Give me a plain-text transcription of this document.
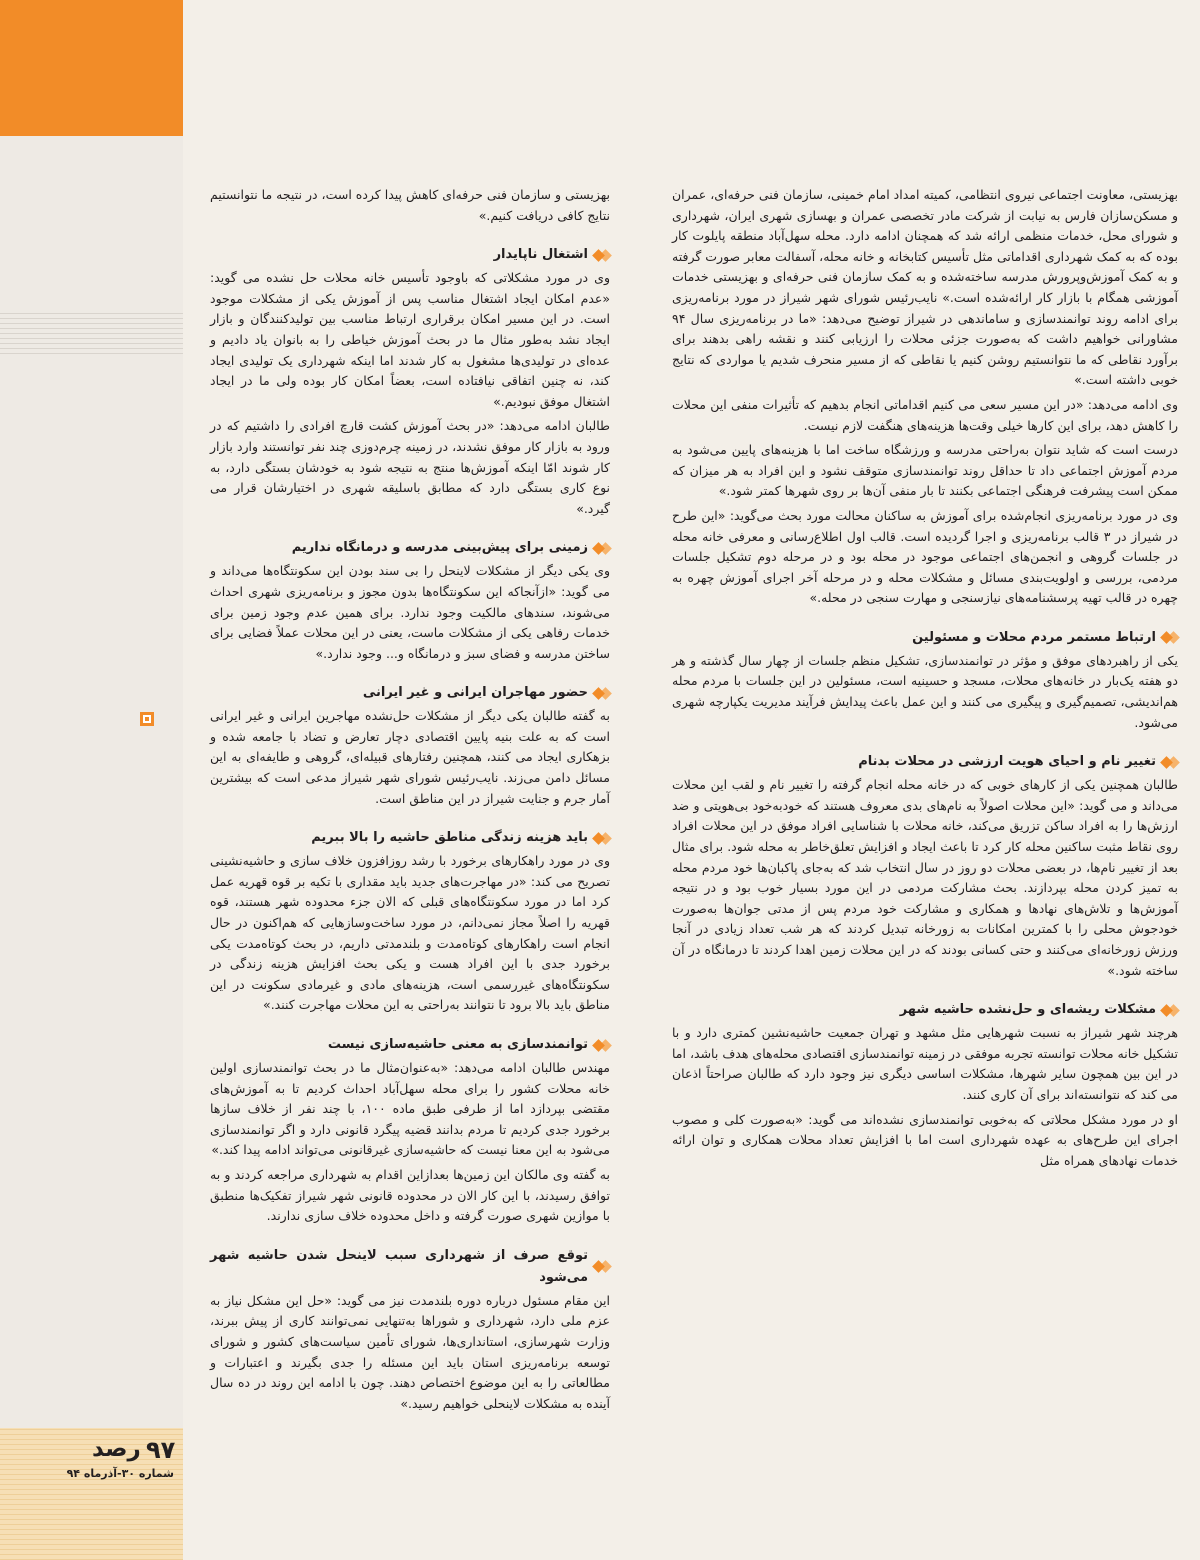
رصد ۹۷
شماره ۳۰-آذرماه ۹۴

بهزیستی، معاونت اجتماعی نیروی انتظامی، کمیته امداد امام خمینی، سازمان فنی حرفه‌ای، عمران و مسکن‌سازان فارس به نیابت از شرکت مادر تخصصی عمران و بهسازی شهری ایران، شهرداری و شورای محل، خدمات منظمی ارائه شد که همچنان ادامه دارد. محله سهل‌آباد منطقه پایلوت کار بوده که به کمک شهرداری اقداماتی مثل تأسیس کتابخانه و خانه محله، آسفالت معابر صورت گرفته و به کمک آموزش‌وپرورش مدرسه ساخته‌شده و به کمک سازمان فنی حرفه‌ای و بهزیستی خدمات آموزشی همگام با بازار کار ارائه‌شده است.» نایب‌رئیس شورای شهر شیراز در مورد برنامه‌ریزی برای ادامه روند توانمندسازی و ساماندهی در شیراز توضیح می‌دهد: «ما در برنامه‌ریزی سال ۹۴ مشاورانی خواهیم داشت که به‌صورت جزئی محلات را ارزیابی کنند و نقشه راهی بدهند برای برآورد نقاطی که ما نتوانستیم روشن کنیم یا نقاطی که از مسیر منحرف شدیم یا مواردی که نتایج خوبی داشته است.»

وی ادامه می‌دهد: «در این مسیر سعی می کنیم اقداماتی انجام بدهیم که تأثیرات منفی این محلات را کاهش دهد، برای این کارها خیلی وقت‌ها هزینه‌های هنگفت لازم نیست.

درست است که شاید نتوان به‌راحتی مدرسه و ورزشگاه ساخت اما با هزینه‌های پایین می‌شود به مردم آموزش اجتماعی داد تا حداقل روند توانمندسازی متوقف نشود و این افراد به هر میزان که ممکن است پیشرفت فرهنگی اجتماعی بکنند تا بار منفی آن‌ها بر روی شهرها کمتر شود.»

وی در مورد برنامه‌ریزی انجام‌شده برای آموزش به ساکنان محالت مورد بحث می‌گوید: «این طرح در شیراز در ۳ قالب برنامه‌ریزی و اجرا گردیده است. قالب اول اطلاع‌رسانی و معرفی خانه محله در جلسات گروهی و انجمن‌های اجتماعی موجود در محله بود و در مرحله دوم تشکیل جلسات مردمی، بررسی و اولویت‌بندی مسائل و مشکلات محله و در مرحله آخر اجرای آموزش چهره به چهره در قالب تهیه پرسشنامه‌های نیازسنجی و مهارت سنجی در محله.»

ارتباط مستمر مردم محلات و مسئولین

یکی از راهبردهای موفق و مؤثر در توانمندسازی، تشکیل منظم جلسات از چهار سال گذشته و هر دو هفته یک‌بار در خانه‌های محلات، مسجد و حسینیه است، مسئولین در این جلسات با مردم محله هم‌اندیشی، تصمیم‌گیری و پیگیری می کنند و این عمل باعث پیدایش فرآیند مدیریت یکپارچه شهری می‌شود.

تغییر نام و احیای هویت ارزشی در محلات بدنام

طالبان همچنین یکی از کارهای خوبی که در خانه محله انجام گرفته را تغییر نام و لقب این محلات می‌داند و می گوید: «این محلات اصولاً به نام‌های بدی معروف هستند که خودبه‌خود بی‌هویتی و ضد ارزش‌ها را به افراد ساکن تزریق می‌کند، خانه محلات با شناسایی افراد موفق در این محلات افراد روی نقاط مثبت ساکنین محله کار کرد تا باعث ایجاد و افزایش تعلق‌خاطر به محله شود. برای مثال بعد از تغییر نام‌ها، در بعضی محلات دو روز در سال انتخاب شد که به‌جای پاکبان‌ها خود مردم محله به تمیز کردن محله بپردازند. بحث مشارکت مردمی در این مورد بسیار خوب بود و در نتیجه آموزش‌ها و تلاش‌های نهادها و همکاری و مشارکت خود مردم پس از مدتی جوان‌ها به‌صورت خودجوش محلی را با کمترین امکانات به زورخانه تبدیل کردند که هر شب تعداد زیادی در آنجا ورزش زورخانه‌ای می‌کنند و حتی کسانی بودند که در این محلات زمین اهدا کردند تا درمانگاه در آن ساخته شود.»

مشکلات ریشه‌ای و حل‌نشده حاشیه شهر

هرچند شهر شیراز به نسبت شهرهایی مثل مشهد و تهران جمعیت حاشیه‌نشین کمتری دارد و با تشکیل خانه محلات توانسته تجربه موفقی در زمینه توانمندسازی اقتصادی محله‌های هدف باشد، اما در این بین همچون سایر شهرها، مشکلات اساسی دیگری نیز وجود دارد که طالبان صراحتاً اذعان می کند که نتوانسته‌اند برای آن کاری کنند.

او در مورد مشکل محلاتی که به‌خوبی توانمندسازی نشده‌اند می گوید: «به‌صورت کلی و مصوب اجرای این طرح‌های به عهده شهرداری است اما با افزایش تعداد محلات همکاری و توان ارائه خدمات نهادهای همراه مثل

بهزیستی و سازمان فنی حرفه‌ای کاهش پیدا کرده است، در نتیجه ما نتوانستیم نتایج کافی دریافت کنیم.»

اشتغال ناپایدار

وی در مورد مشکلاتی که باوجود تأسیس خانه محلات حل نشده می گوید: «عدم امکان ایجاد اشتغال مناسب پس از آموزش یکی از مشکلات موجود است. در این مسیر امکان برقراری ارتباط مناسب بین تولیدکنندگان و بازار ایجاد نشد به‌طور مثال ما در بحث آموزش خیاطی را به بانوان یاد دادیم و عده‌ای در تولیدی‌ها مشغول به کار شدند اما اینکه شهرداری یک تولیدی ایجاد کند، نه چنین اتفاقی نیافتاده است، بعضاً امکان کار بوده ولی ما در ایجاد اشتغال موفق نبودیم.»

طالبان ادامه می‌دهد: «در بحث آموزش کشت قارچ افرادی را داشتیم که در ورود به بازار کار موفق نشدند، در زمینه چرم‌دوزی چند نفر توانستند وارد بازار کار شوند امّا اینکه آموزش‌ها منتج به نتیجه شود به خودشان بستگی دارد، به نوع کاری بستگی دارد که مطابق باسلیقه شهری در اختیارشان قرار می گیرد.»

زمینی برای پیش‌بینی مدرسه و درمانگاه نداریم

وی یکی دیگر از مشکلات لاینحل را بی سند بودن این سکونتگاه‌ها می‌داند و می گوید: «ازآنجاکه این سکونتگاه‌ها بدون مجوز و برنامه‌ریزی شهری احداث می‌شوند، سندهای مالکیت وجود ندارد. برای همین عدم وجود زمین برای خدمات رفاهی یکی از مشکلات ماست، یعنی در این محلات عملاً فضایی برای ساختن مدرسه و فضای سبز و درمانگاه و... وجود ندارد.»

حضور مهاجران ایرانی و غیر ایرانی

به گفته طالبان یکی دیگر از مشکلات حل‌نشده مهاجرین ایرانی و غیر ایرانی است که به علت بنیه پایین اقتصادی دچار تعارض و تضاد با جامعه شده و بزهکاری ایجاد می کنند، همچنین رفتارهای قبیله‌ای، گروهی و طایفه‌ای به این مسائل دامن می‌زند. نایب‌رئیس شورای شهر شیراز مدعی است که بیشترین آمار جرم و جنایت شیراز در این مناطق است.

باید هزینه زندگی مناطق حاشیه را بالا ببریم

وی در مورد راهکارهای برخورد با رشد روزافزون خلاف سازی و حاشیه‌نشینی تصریح می کند: «در مهاجرت‌های جدید باید مقداری با تکیه بر قوه قهریه عمل کرد اما در مورد سکونتگاه‌های قبلی که الان جزء محدوده شهر هستند، قوه قهریه را اصلاً مجاز نمی‌دانم، در مورد ساخت‌وسازهایی که هم‌اکنون در حال انجام است راهکارهای کوتاه‌مدت و بلندمدتی داریم، در بحث کوتاه‌مدت یکی برخورد جدی با این افراد هست و یکی بحث افزایش هزینه زندگی در سکونتگاه‌های غیررسمی است، هزینه‌های مادی و غیرمادی سکونت در این مناطق باید بالا برود تا نتوانند به‌راحتی به این محلات مهاجرت کنند.»

توانمندسازی به معنی حاشیه‌سازی نیست

مهندس طالبان ادامه می‌دهد: «به‌عنوان‌مثال ما در بحث توانمندسازی اولین خانه محلات کشور را برای محله سهل‌آباد احداث کردیم تا به آموزش‌های مقتضی بپردازد اما از طرفی طبق ماده ۱۰۰، با چند نفر از خلاف سازها برخورد جدی کردیم تا مردم بدانند قضیه پیگرد قانونی دارد و اگر توانمندسازی می‌شود به این معنا نیست که حاشیه‌سازی غیرقانونی می‌تواند ادامه پیدا کند.»

به گفته وی مالکان این زمین‌ها بعدازاین اقدام به شهرداری مراجعه کردند و به توافق رسیدند، با این کار الان در محدوده قانونی شهر شیراز تفکیک‌ها منطبق با موازین شهری صورت گرفته و داخل محدوده خلاف سازی ندارند.

توقع صرف از شهرداری سبب لاینحل شدن حاشیه شهر می‌شود

این مقام مسئول درباره دوره بلندمدت نیز می گوید: «حل این مشکل نیاز به عزم ملی دارد، شهرداری و شوراها به‌تنهایی نمی‌توانند کاری از پیش ببرند، وزارت شهرسازی، استانداری‌ها، شورای تأمین سیاست‌های کشور و شورای توسعه برنامه‌ریزی استان باید این مسئله را جدی بگیرند و اعتبارات و مطالعاتی را به این موضوع اختصاص دهند. چون با ادامه این روند در ده سال آینده به مشکلات لاینحلی خواهیم رسید.»
